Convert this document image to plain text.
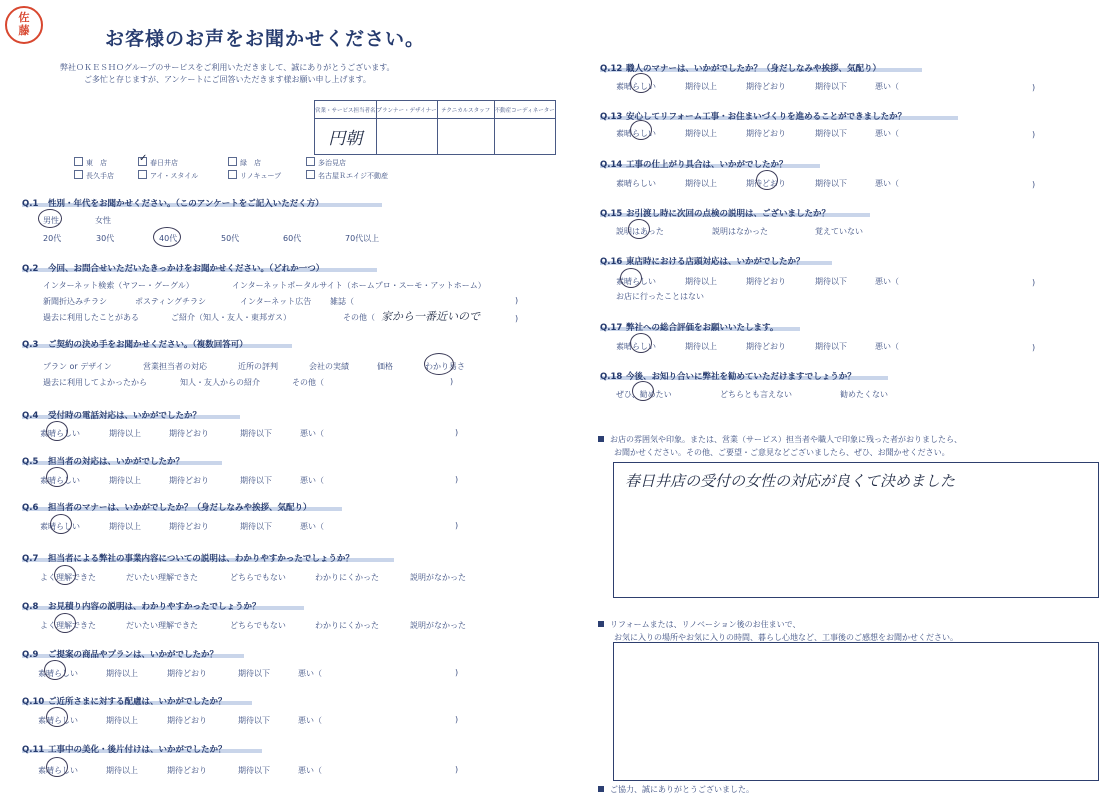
佐藤	お客様のお声をお聞かせください。
弊社ＯＫＥＳＨＯグループのサービスをご利用いただきまして、誠にありがとうございます。
ご多忙と存じますが、アンケートにご回答いただきます様お願い申し上げます。
営業・サービス担当者名	プランナー・デザイナー	テクニカルスタッフ	不動産コーディネーター
円朝			
東　店	✓ 春日井店	緑　店	多治見店
長久手店	アイ・スタイル	リノキューブ	名古屋Ｒエイジ不動産
Q.1 性別・年代をお聞かせください。（このアンケートをご記入いただく方）
男性	女性
20代	30代	40代	50代	60代	70代以上
Q.2 今回、お問合せいただいたきっかけをお聞かせください。（どれか一つ）
インターネット検索（ヤフー・グーグル）	インターネットポータルサイト（ホームプロ・スーモ・アットホーム）
新聞折込みチラシ	ポスティングチラシ	インターネット広告 雑誌（	)
過去に利用したことがある	ご紹介（知人・友人・東邦ガス）	その他（ 家から一番近いので	)
Q.3 ご契約の決め手をお聞かせください。（複数回答可）
プラン or デザイン	営業担当者の対応	近所の評判	会社の実績	価格	わかり易さ
過去に利用してよかったから	知人・友人からの紹介	その他（	)
Q.4 受付時の電話対応は、いかがでしたか？
素晴らしい	期待以上	期待どおり	期待以下	悪い（	)
Q.5 担当者の対応は、いかがでしたか？
素晴らしい	期待以上	期待どおり	期待以下	悪い（	)
Q.6 担当者のマナーは、いかがでしたか？（身だしなみや挨拶、気配り）
素晴らしい	期待以上	期待どおり	期待以下	悪い（	)
Q.7 担当者による弊社の事業内容についての説明は、わかりやすかったでしょうか？
よく理解できた	だいたい理解できた	どちらでもない	わかりにくかった	説明がなかった
Q.8 お見積り内容の説明は、わかりやすかったでしょうか？
よく理解できた	だいたい理解できた	どちらでもない	わかりにくかった	説明がなかった
Q.9 ご提案の商品やプランは、いかがでしたか？
素晴らしい	期待以上	期待どおり	期待以下	悪い（	)
Q.10 ご近所さまに対する配慮は、いかがでしたか？
素晴らしい	期待以上	期待どおり	期待以下	悪い（	)
Q.11 工事中の美化・後片付けは、いかがでしたか？
素晴らしい	期待以上	期待どおり	期待以下	悪い（	)
Q.12 職人のマナーは、いかがでしたか？（身だしなみや挨拶、気配り）
素晴らしい	期待以上	期待どおり	期待以下	悪い（	)
Q.13 安心してリフォーム工事・お住まいづくりを進めることができましたか？
素晴らしい	期待以上	期待どおり	期待以下	悪い（	)
Q.14 工事の仕上がり具合は、いかがでしたか？
素晴らしい	期待以上	期待どおり	期待以下	悪い（	)
Q.15 お引渡し時に次回の点検の説明は、ございましたか？
説明はあった	説明はなかった	覚えていない
Q.16 東店時における店頭対応は、いかがでしたか？
素晴らしい	期待以上	期待どおり	期待以下	悪い（	)
お店に行ったことはない
Q.17 弊社への総合評価をお願いいたします。
素晴らしい	期待以上	期待どおり	期待以下	悪い（	)
Q.18 今後、お知り合いに弊社を勧めていただけますでしょうか？
ぜひ、勧めたい	どちらとも言えない	勧めたくない
お店の雰囲気や印象。または、営業（サービス）担当者や職人で印象に残った者がおりましたら、
お聞かせください。その他、ご要望・ご意見などございましたら、ぜひ、お聞かせください。
春日井店の受付の女性の対応が良くて決めました
リフォームまたは、リノベーション後のお住まいで、
お気に入りの場所やお気に入りの時間、暮らし心地など、工事後のご感想をお聞かせください。
ご協力、誠にありがとうございました。
